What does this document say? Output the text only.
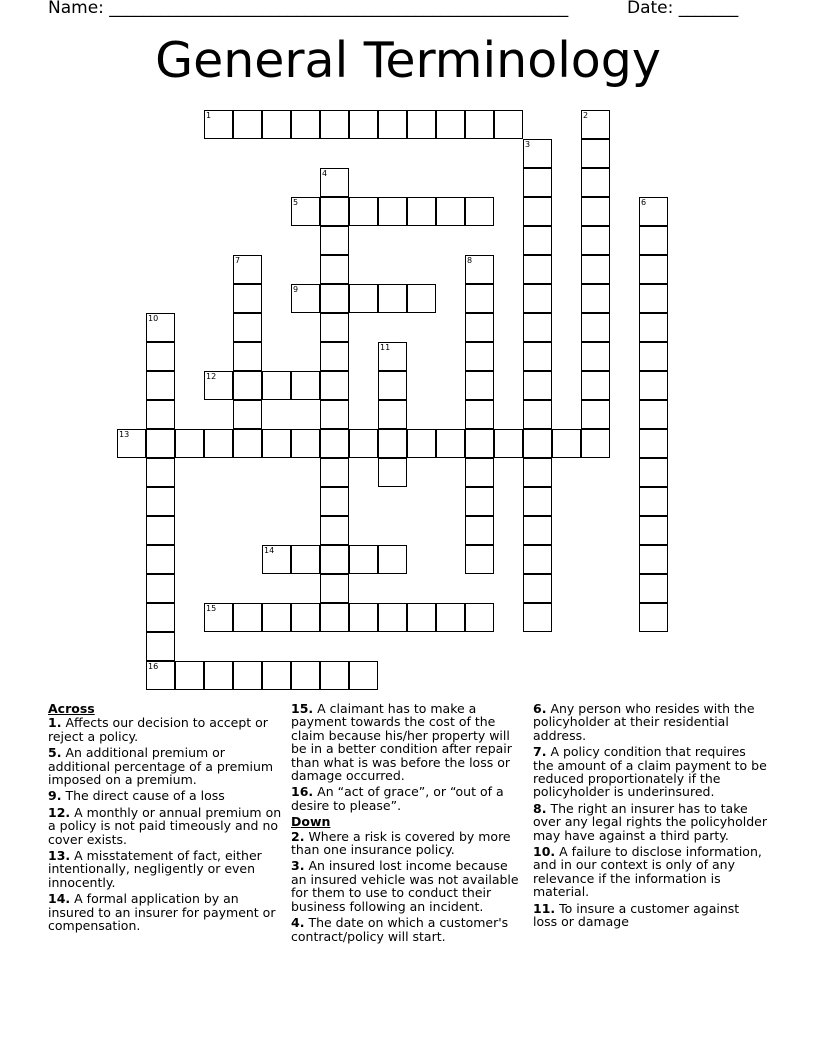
Name: ______________________________________________________	Date: _______
General Terminology
1	2
3
4
5	6
7	8
9
10
11
12
13
14
15
16
Across
1. Affects our decision to accept or reject a policy.
5. An additional premium or additional percentage of a premium imposed on a premium.
9. The direct cause of a loss
12. A monthly or annual premium on a policy is not paid timeously and no cover exists.
13. A misstatement of fact, either intentionally, negligently or even innocently.
14. A formal application by an insured to an insurer for payment or compensation.
15. A claimant has to make a payment towards the cost of the claim because his/her property will be in a better condition after repair than what is was before the loss or damage occurred.
16. An “act of grace”, or “out of a desire to please”.
Down
2. Where a risk is covered by more than one insurance policy.
3. An insured lost income because an insured vehicle was not available for them to use to conduct their business following an incident.
4. The date on which a customer's contract/policy will start.
6. Any person who resides with the policyholder at their residential address.
7. A policy condition that requires the amount of a claim payment to be reduced proportionately if the policyholder is underinsured.
8. The right an insurer has to take over any legal rights the policyholder may have against a third party.
10. A failure to disclose information, and in our context is only of any relevance if the information is material.
11. To insure a customer against loss or damage
